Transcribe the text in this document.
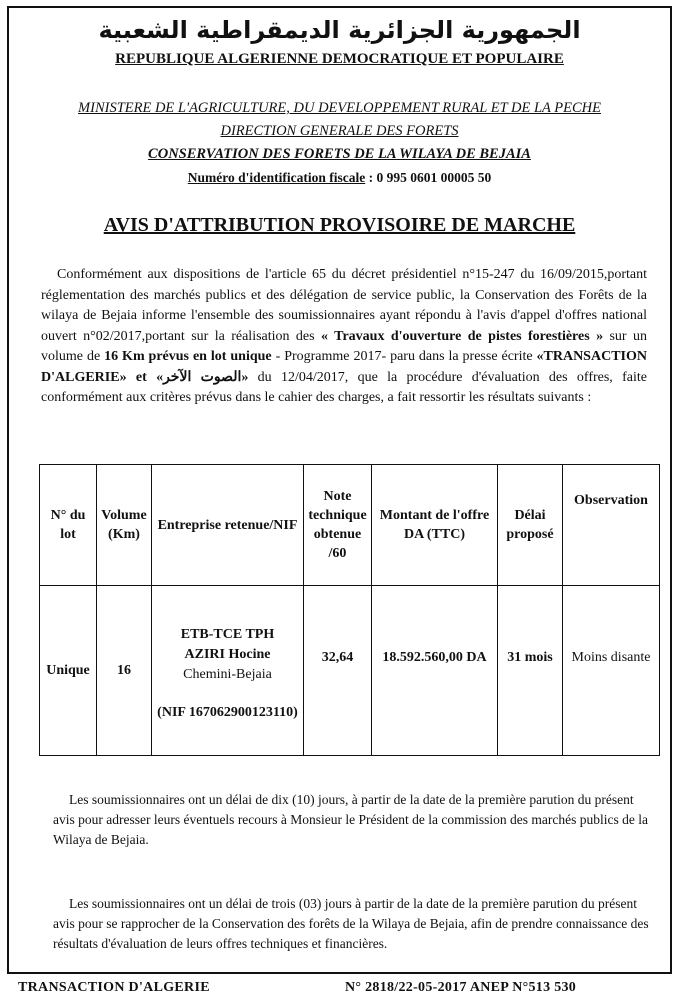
الجمهورية الجزائرية الديمقراطية الشعبية
REPUBLIQUE ALGERIENNE DEMOCRATIQUE ET POPULAIRE
MINISTERE DE L'AGRICULTURE, DU DEVELOPPEMENT RURAL ET DE LA PECHE
DIRECTION GENERALE DES FORETS
CONSERVATION DES FORETS DE LA WILAYA DE BEJAIA
Numéro d'identification fiscale : 0 995 0601 00005 50
AVIS D'ATTRIBUTION PROVISOIRE DE MARCHE
Conformément aux dispositions de l'article 65 du décret présidentiel n°15-247 du 16/09/2015,portant réglementation des marchés publics et des délégation de service public, la Conservation des Forêts de la wilaya de Bejaia informe l'ensemble des soumissionnaires ayant répondu à l'avis d'appel d'offres national ouvert n°02/2017,portant sur la réalisation des « Travaux d'ouverture de pistes forestières » sur un volume de 16 Km prévus en lot unique - Programme 2017- paru dans la presse écrite «TRANSACTION D'ALGERIE» et «الصوت الآخر» du 12/04/2017, que la procédure d'évaluation des offres, faite conformément aux critères prévus dans le cahier des charges, a fait ressortir les résultats suivants :
N° du lot	Volume (Km)	Entreprise retenue/NIF	Note technique obtenue /60	Montant de l'offre DA (TTC)	Délai proposé	Observation
Unique	16	ETB-TCE TPH
AZIRI Hocine
Chemini-Bejaia
(NIF 167062900123110)	32,64	18.592.560,00 DA	31 mois	Moins disante
Les soumissionnaires ont un délai de dix (10) jours, à partir de la date de la première parution du présent avis pour adresser leurs éventuels recours à Monsieur le Président de la commission des marchés publics de la Wilaya de Bejaia.
Les soumissionnaires ont un délai de trois (03) jours à partir de la date de la première parution du présent avis pour se rapprocher de la Conservation des forêts de la Wilaya de Bejaia, afin de prendre connaissance des résultats d'évaluation de leurs offres techniques et financières.
TRANSACTION D'ALGERIE	N° 2818/22-05-2017 ANEP N°513 530
